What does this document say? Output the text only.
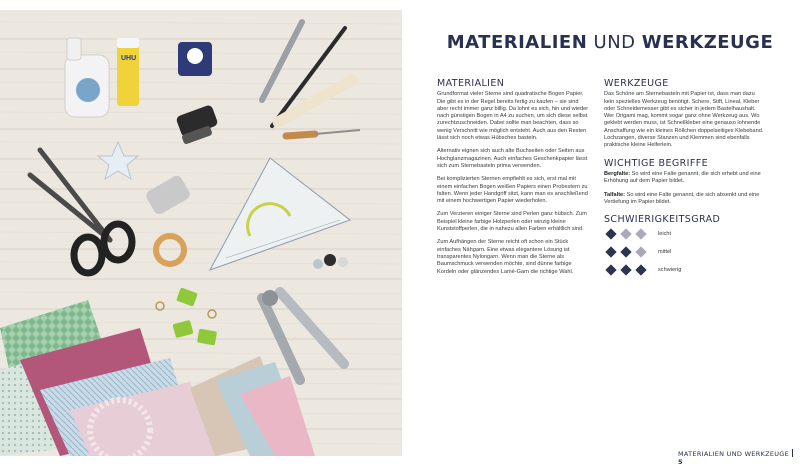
UHU
MATERIALIEN UND WERKZEUGE
MATERIALIEN

Grundformat vieler Sterne sind quadratische Bogen Papier. Die gibt es in der Regel bereits fertig zu kaufen – sie sind aber recht immer ganz billig. Da lohnt es sich, hin und wieder nach günstigen Bogen in A4 zu suchen, um sich diese selbst zurechtzuschneiden. Dabei sollte man beachten, dass so wenig Verschnitt wie möglich entsteht. Auch aus den Resten lässt sich noch etwas Hübsches basteln.

Alternativ eignen sich auch alte Buchseiten oder Seiten aus Hochglanzmagazinen. Auch einfaches Geschenkpapier lässt sich zum Sternebasteln prima verwenden.

Bei komplizierten Sternen empfiehlt es sich, erst mal mit einem einfachen Bogen weißen Papiers einen Probestern zu falten. Wenn jeder Handgriff sitzt, kann man es anschließend mit einem hochwertigen Papier wiederholen.

Zum Verzieren einiger Sterne sind Perlen ganz hübsch. Zum Beispiel kleine farbige Holzperlen oder winzig kleine Kunststoffperlen, die in nahezu allen Farben erhältlich sind.

Zum Aufhängen der Sterne reicht oft schon ein Stück einfaches Nähgarn. Eine etwas elegantere Lösung ist transparentes Nylongarn. Wenn man die Sterne als Baumschmuck verwenden möchte, sind dünne farbige Kordeln oder glänzendes Lamé-Garn die richtige Wahl.

WERKZEUGE

Das Schöne am Sternebasteln mit Papier ist, dass man dazu kein spezielles Werkzeug benötigt. Schere, Stift, Lineal, Kleber oder Schneidemesser gibt es sicher in jedem Bastelhaushalt. Wer Origami mag, kommt sogar ganz ohne Werkzeug aus. Wo geklebt werden muss, ist Schnellkleber eine genauso lohnende Anschaffung wie ein kleines Röllchen doppelseitiges Klebeband. Lochzangen, diverse Stanzen und Klemmen sind ebenfalls praktische kleine Helferlein.

WICHTIGE BEGRIFFE

Bergfalte: So wird eine Falte genannt, die sich erhebt und eine Erhöhung auf dem Papier bildet.

Talfalte: So wird eine Falte genannt, die sich absenkt und eine Vertiefung im Papier bildet.

SCHWIERIGKEITSGRAD
leicht
mittel
schwierig
MATERIALIEN UND WERKZEUGE5
